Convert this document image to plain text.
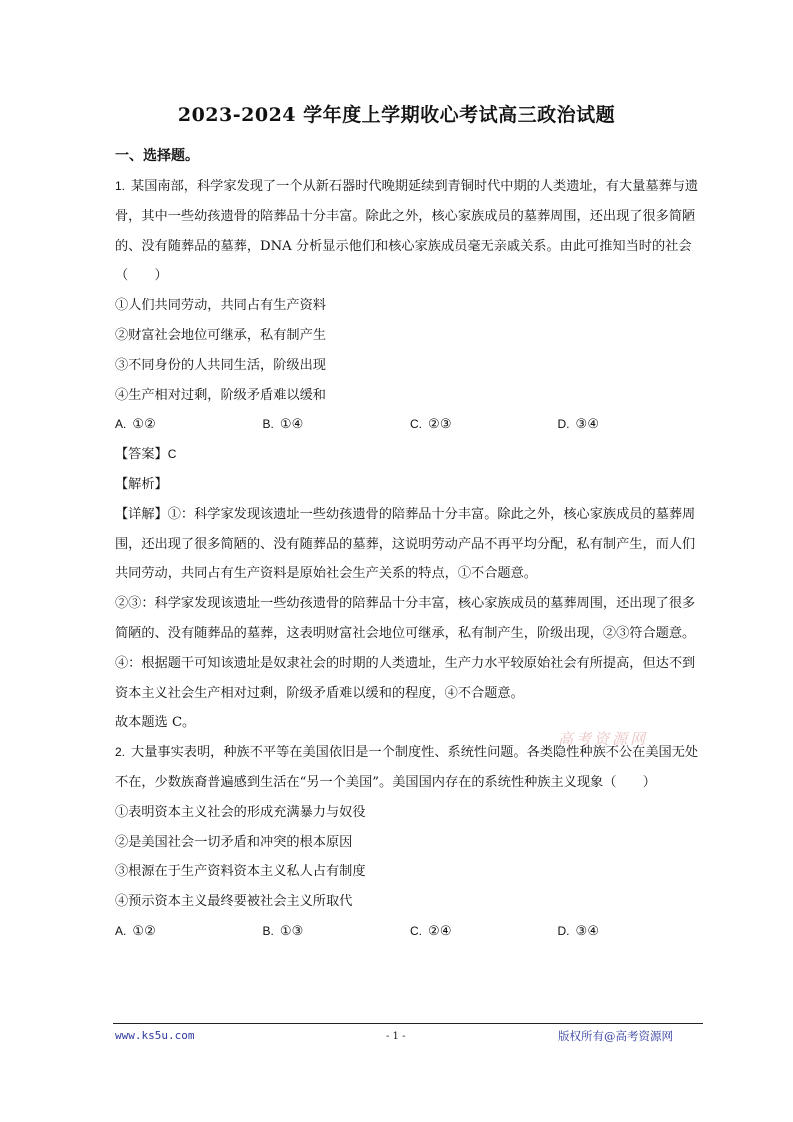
2023-2024 学年度上学期收心考试高三政治试题
一、选择题。

1. 某国南部，科学家发现了一个从新石器时代晚期延续到青铜时代中期的人类遗址，有大量墓葬与遗骨，其中一些幼孩遗骨的陪葬品十分丰富。除此之外，核心家族成员的墓葬周围，还出现了很多简陋的、没有随葬品的墓葬，DNA 分析显示他们和核心家族成员毫无亲戚关系。由此可推知当时的社会（　　）

①人们共同劳动，共同占有生产资料

②财富社会地位可继承，私有制产生

③不同身份的人共同生活，阶级出现

④生产相对过剩，阶级矛盾难以缓和

A. ①②	B. ①④	C. ②③	D. ③④

【答案】C

【解析】

【详解】①：科学家发现该遗址一些幼孩遗骨的陪葬品十分丰富。除此之外，核心家族成员的墓葬周围，还出现了很多简陋的、没有随葬品的墓葬，这说明劳动产品不再平均分配，私有制产生，而人们共同劳动，共同占有生产资料是原始社会生产关系的特点，①不合题意。

②③：科学家发现该遗址一些幼孩遗骨的陪葬品十分丰富，核心家族成员的墓葬周围，还出现了很多简陋的、没有随葬品的墓葬，这表明财富社会地位可继承，私有制产生，阶级出现，②③符合题意。

④：根据题干可知该遗址是奴隶社会的时期的人类遗址，生产力水平较原始社会有所提高，但达不到资本主义社会生产相对过剩，阶级矛盾难以缓和的程度，④不合题意。

故本题选 C。

2. 大量事实表明，种族不平等在美国依旧是一个制度性、系统性问题。各类隐性种族不公在美国无处不在，少数族裔普遍感到生活在“另一个美国”。美国国内存在的系统性种族主义现象（　　）

①表明资本主义社会的形成充满暴力与奴役

②是美国社会一切矛盾和冲突的根本原因

③根源在于生产资料资本主义私人占有制度

④预示资本主义最终要被社会主义所取代

A. ①②	B. ①③	C. ②④	D. ③④
高考资源网
www.ks5u.com	- 1 -	版权所有@高考资源网
